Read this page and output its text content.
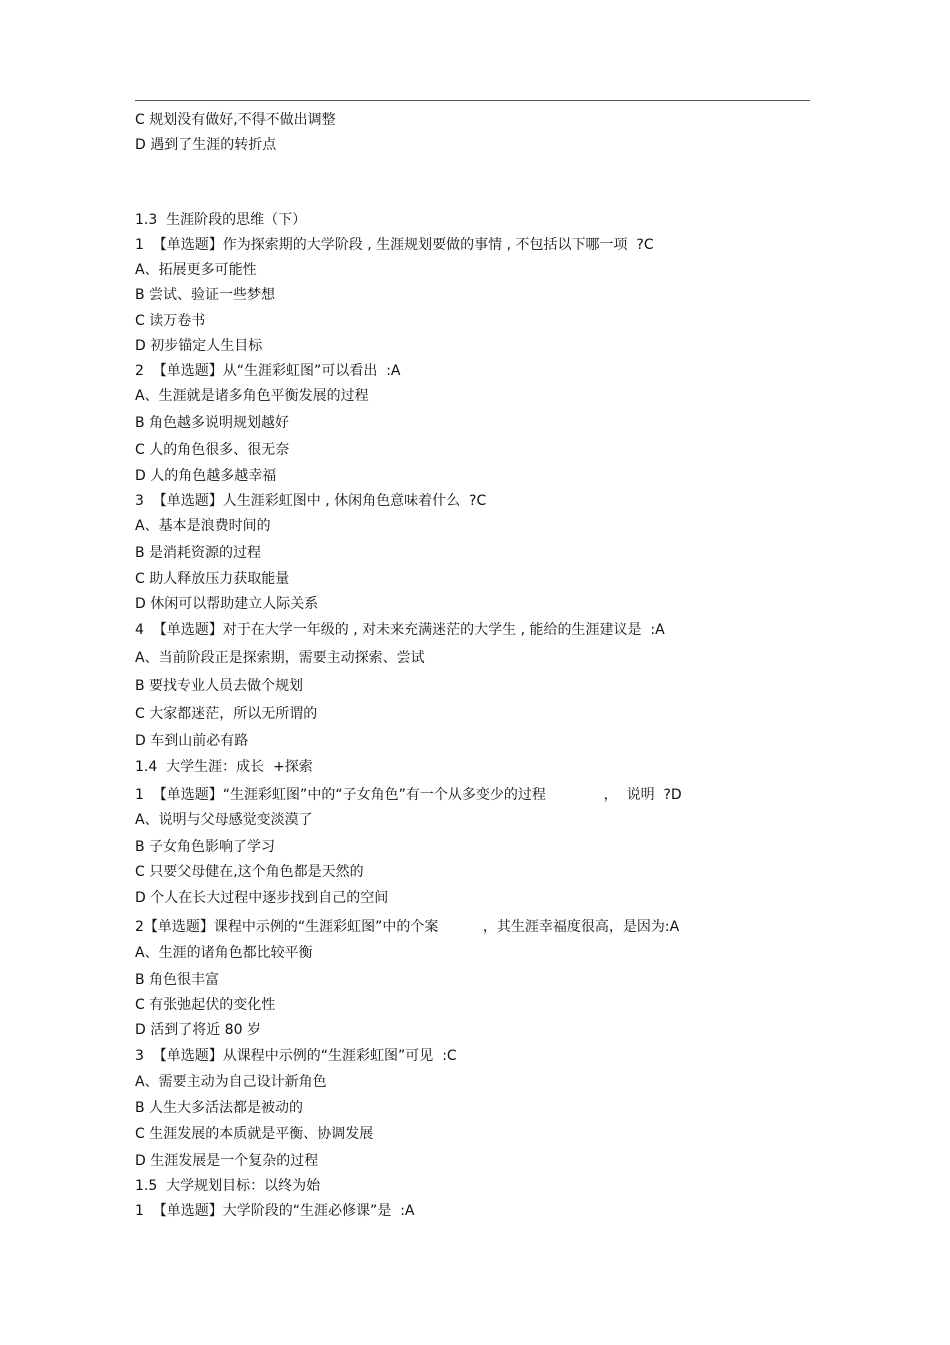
C 规划没有做好,不得不做出调整
D 遇到了生涯的转折点
1.3  生涯阶段的思维（下）
1  【单选题】作为探索期的大学阶段 , 生涯规划要做的事情 , 不包括以下哪一项  ?C
A、拓展更多可能性
B 尝试、验证一些梦想
C 读万卷书
D 初步锚定人生目标
2  【单选题】从“生涯彩虹图”可以看出  :A
A、生涯就是诸多角色平衡发展的过程
B 角色越多说明规划越好
C 人的角色很多、很无奈
D 人的角色越多越幸福
3  【单选题】人生涯彩虹图中 , 休闲角色意味着什么  ?C
A、基本是浪费时间的
B 是消耗资源的过程
C 助人释放压力获取能量
D 休闲可以帮助建立人际关系
4  【单选题】对于在大学一年级的 , 对未来充满迷茫的大学生 , 能给的生涯建议是  :A
A、当前阶段正是探索期，需要主动探索、尝试
B 要找专业人员去做个规划
C 大家都迷茫，所以无所谓的
D 车到山前必有路
1.4  大学生涯：成长  +探索
1  【单选题】“生涯彩虹图”中的“子女角色”有一个从多变少的过程             ，  说明  ?D
A、说明与父母感觉变淡漠了
B 子女角色影响了学习
C 只要父母健在,这个角色都是天然的
D 个人在长大过程中逐步找到自己的空间
2【单选题】课程中示例的“生涯彩虹图”中的个案          ，其生涯幸福度很高，是因为:A
A、生涯的诸角色都比较平衡
B 角色很丰富
C 有张弛起伏的变化性
D 活到了将近 80 岁
3  【单选题】从课程中示例的“生涯彩虹图”可见  :C
A、需要主动为自己设计新角色
B 人生大多活法都是被动的
C 生涯发展的本质就是平衡、协调发展
D 生涯发展是一个复杂的过程
1.5  大学规划目标：以终为始
1  【单选题】大学阶段的“生涯必修课”是  :A
